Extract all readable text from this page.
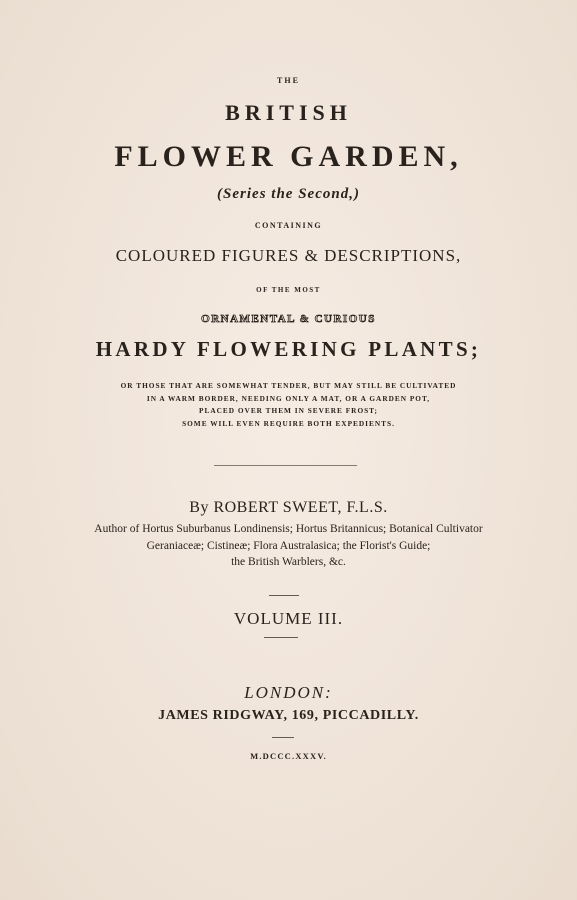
THE
BRITISH
FLOWER GARDEN,
(Series the Second,)
CONTAINING
COLOURED FIGURES & DESCRIPTIONS,
OF THE MOST
ORNAMENTAL & CURIOUS
HARDY FLOWERING PLANTS;
OR THOSE THAT ARE SOMEWHAT TENDER, BUT MAY STILL BE CULTIVATED
IN A WARM BORDER, NEEDING ONLY A MAT, OR A GARDEN POT,
PLACED OVER THEM IN SEVERE FROST;
SOME WILL EVEN REQUIRE BOTH EXPEDIENTS.
By ROBERT SWEET, F.L.S.
Author of Hortus Suburbanus Londinensis; Hortus Britannicus; Botanical Cultivator
Geraniaceæ; Cistineæ; Flora Australasica; the Florist's Guide;
the British Warblers, &c.
VOLUME III.
LONDON:
JAMES RIDGWAY, 169, PICCADILLY.
M.DCCC.XXXV.
